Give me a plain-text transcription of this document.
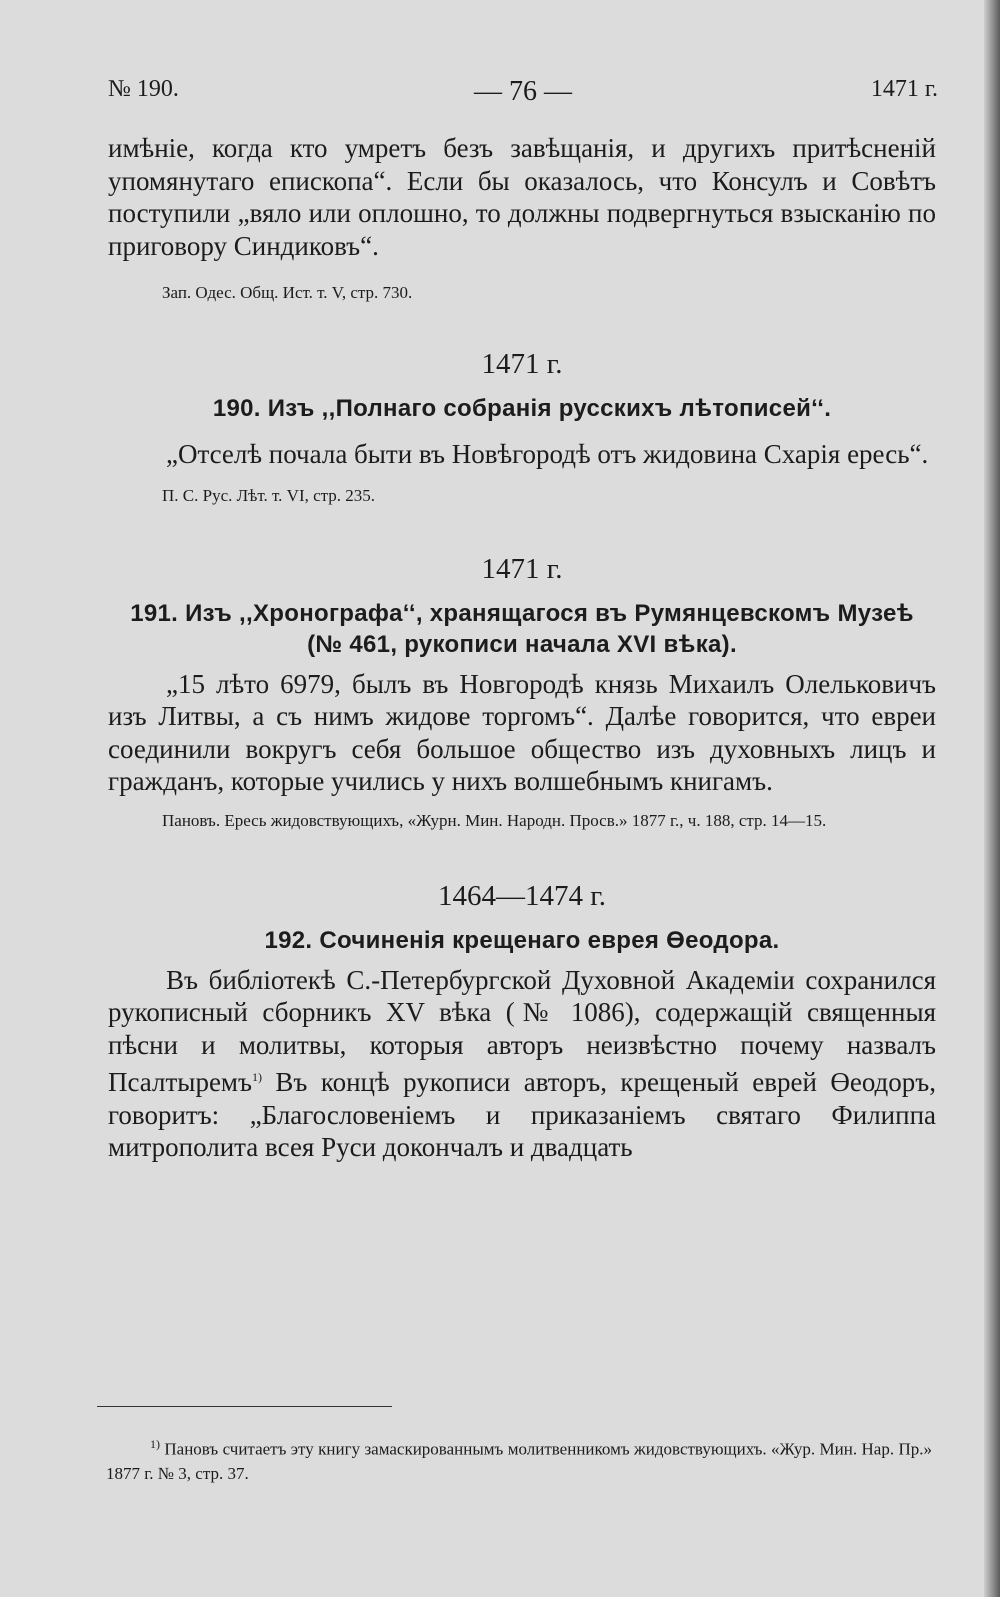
№ 190.	— 76 —	1471 г.

имѣніе, когда кто умретъ безъ завѣщанія, и другихъ притѣсненій упомянутаго епископа“. Если бы оказалось, что Консулъ и Совѣтъ поступили „вяло или оплошно, то должны подвергнуться взысканію по приговору Синдиковъ“.

Зап. Одес. Общ. Ист. т. V, стр. 730.

1471 г.

190. Изъ ,,Полнаго собранія русскихъ лѣтописей‘‘.

„Отселѣ почала быти въ Новѣгородѣ отъ жидовина Схарія ересь“.

П. С. Рус. Лѣт. т. VI, стр. 235.

1471 г.

191. Изъ ,,Хронографа‘‘, хранящагося въ Румянцевскомъ Музеѣ

(№ 461, рукописи начала XVI вѣка).

„15 лѣто 6979, былъ въ Новгородѣ князь Михаилъ Олельковичъ изъ Литвы, а съ нимъ жидове торгомъ“. Далѣе говорится, что евреи соединили вокругъ себя большое общество изъ духовныхъ лицъ и гражданъ, которые учились у нихъ волшебнымъ книгамъ.

Пановъ. Ересь жидовствующихъ, «Журн. Мин. Народн. Просв.» 1877 г., ч. 188, стр. 14—15.

1464—1474 г.

192. Сочиненія крещенаго еврея Өеодора.

Въ библіотекѣ С.-Петербургской Духовной Академіи сохранился рукописный сборникъ XV вѣка (№ 1086), содержащій священныя пѣсни и молитвы, которыя авторъ неизвѣстно почему назвалъ Псалтыремъ$^{1)}$ Въ концѣ рукописи авторъ, крещеный еврей Өеодоръ, говоритъ: „Благословеніемъ и приказаніемъ святаго Филиппа митрополита всея Руси докончалъ и двадцать

$^{1)}$ Пановъ считаетъ эту книгу замаскированнымъ молитвенникомъ жидовствующихъ. «Жур. Мин. Нар. Пр.» 1877 г. № 3, стр. 37.
